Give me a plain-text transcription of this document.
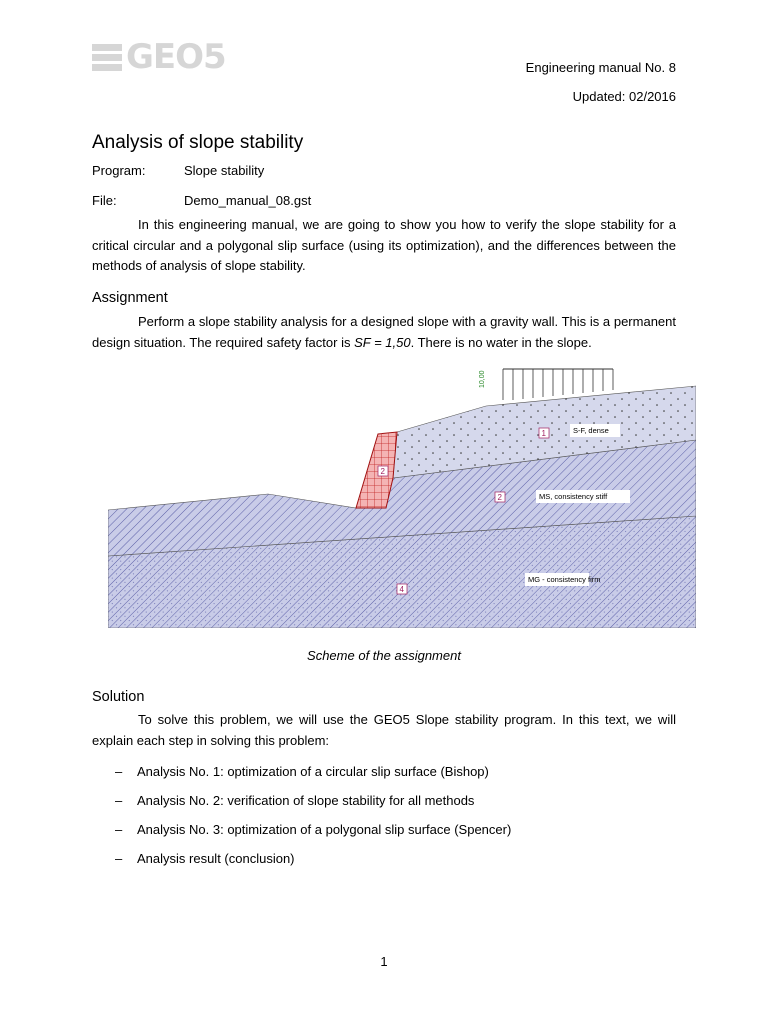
GEO5	Engineering manual No. 8
Updated: 02/2016
Analysis of slope stability
Program:	Slope stability
File:	Demo_manual_08.gst
In this engineering manual, we are going to show you how to verify the slope stability for a critical circular and a polygonal slip surface (using its optimization), and the differences between the methods of analysis of slope stability.
Assignment
Perform a slope stability analysis for a designed slope with a gravity wall. This is a permanent design situation. The required safety factor is SF = 1,50. There is no water in the slope.
10,00
1	S-F, dense
2
2	MS, consistency stiff
4
MG - consistency firm
Scheme of the assignment
Solution
To solve this problem, we will use the GEO5 Slope stability program. In this text, we will explain each step in solving this problem:
– Analysis No. 1: optimization of a circular slip surface (Bishop)
– Analysis No. 2: verification of slope stability for all methods
– Analysis No. 3: optimization of a polygonal slip surface (Spencer)
– Analysis result (conclusion)
1
